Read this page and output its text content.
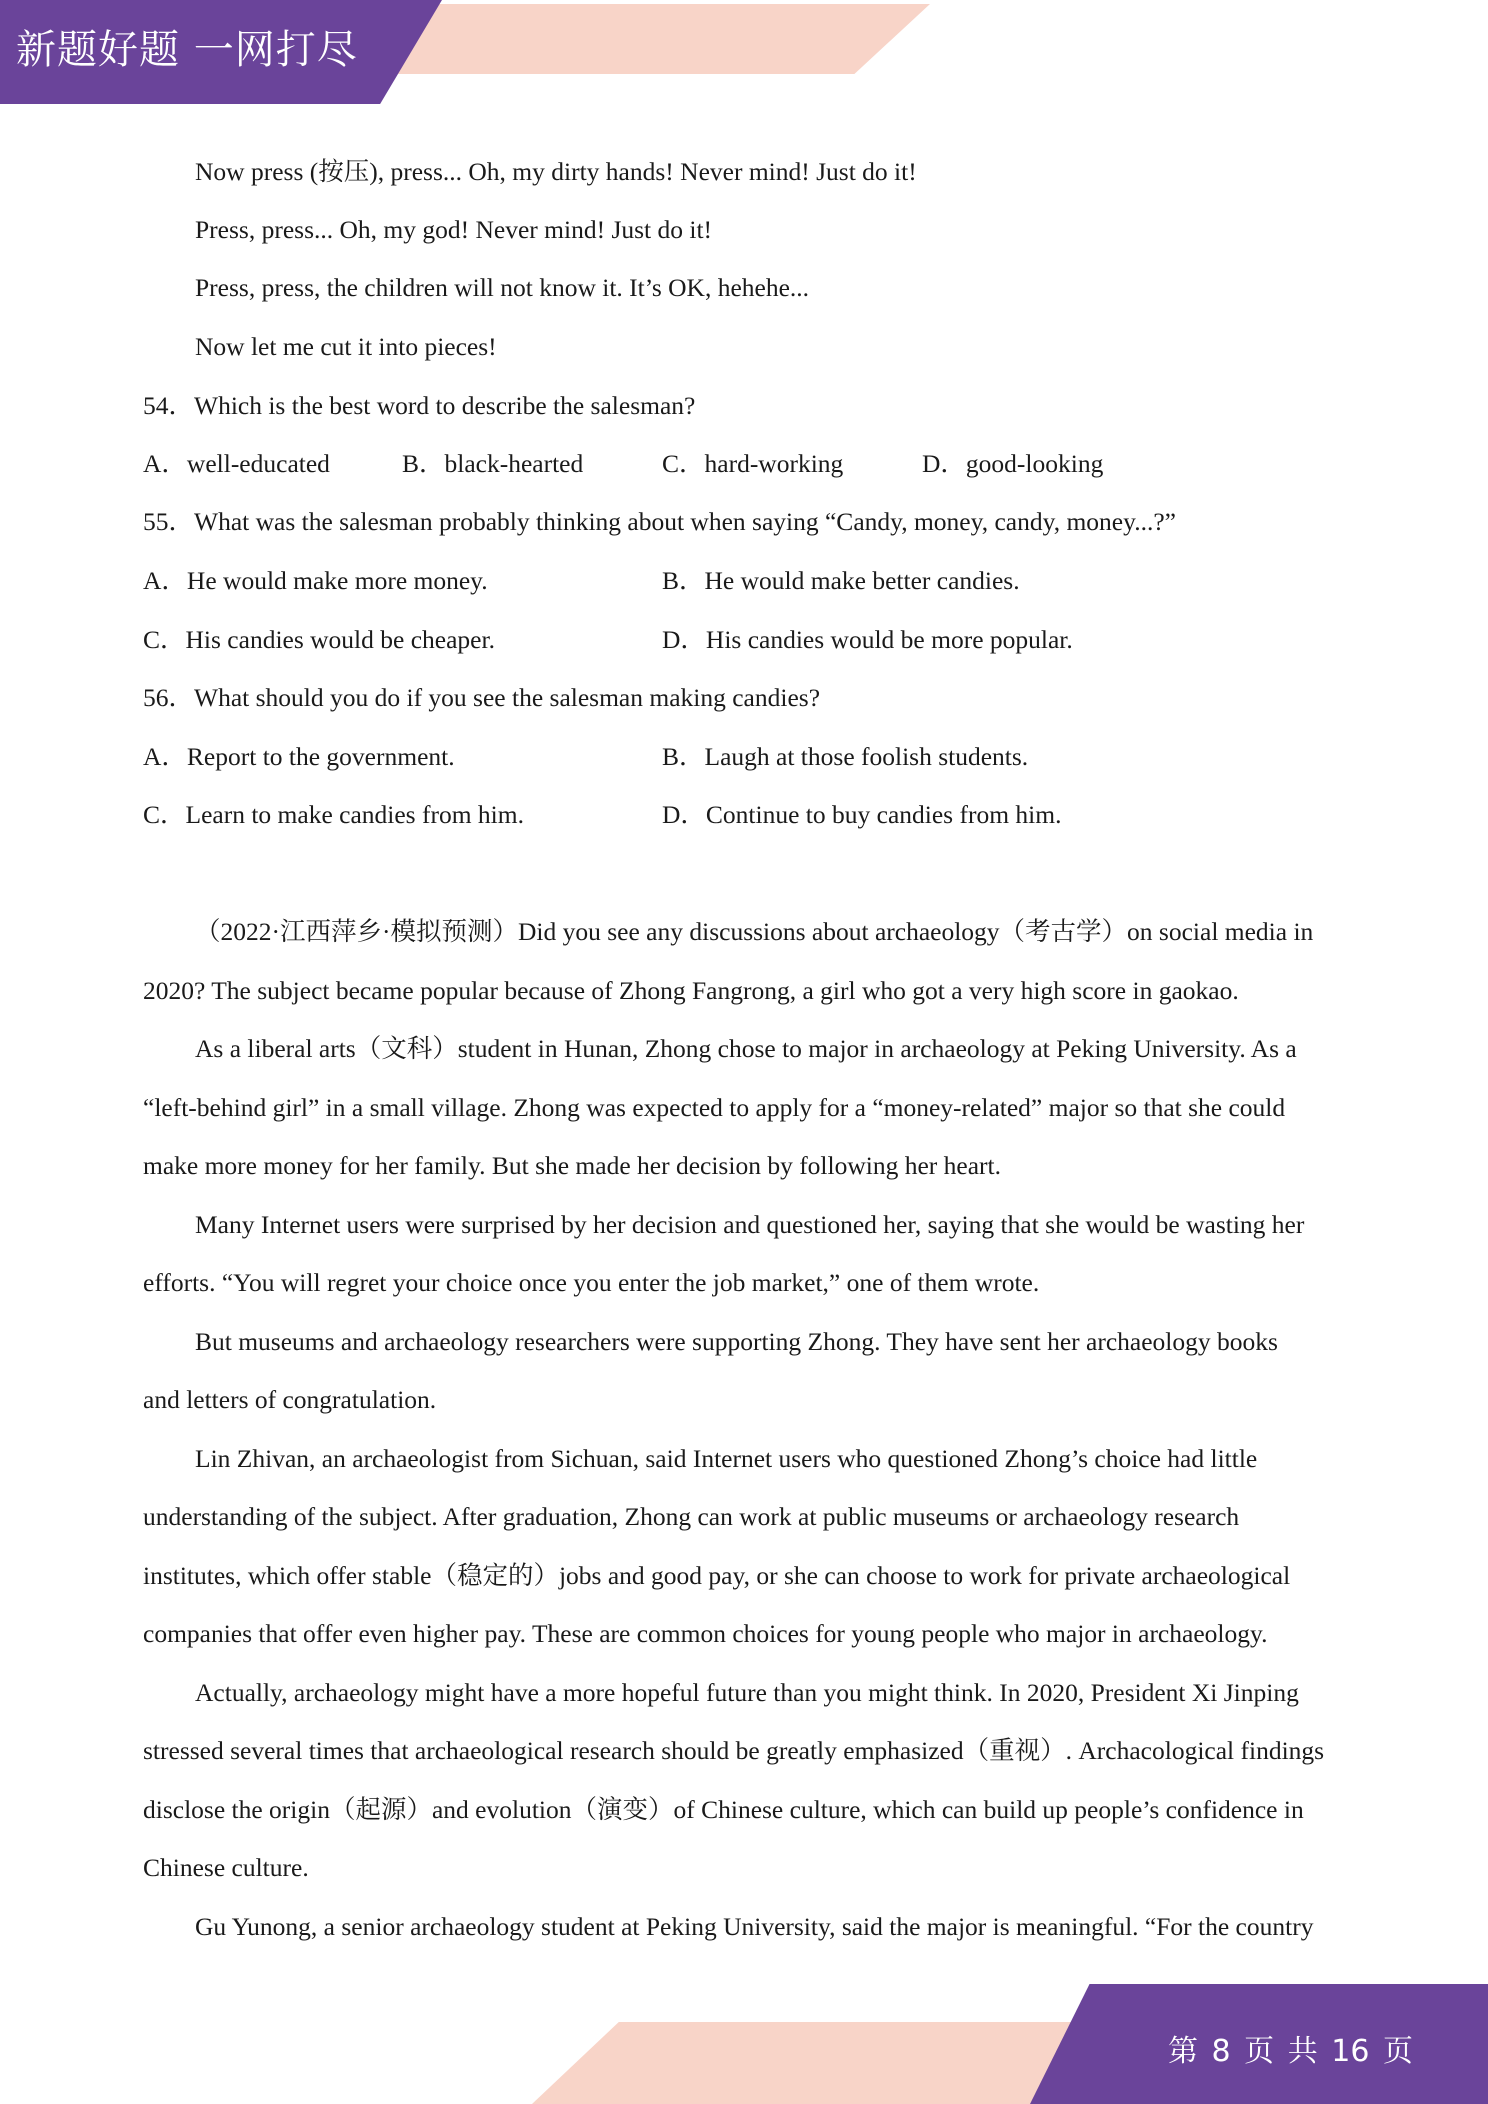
新题好题 一网打尽
Now press (按压), press... Oh, my dirty hands! Never mind! Just do it!
Press, press... Oh, my god! Never mind! Just do it!
Press, press, the children will not know it. It’s OK, hehehe...
Now let me cut it into pieces!
54．Which is the best word to describe the salesman?
A．well-educated	B．black-hearted	C．hard-working	D．good-looking
55．What was the salesman probably thinking about when saying “Candy, money, candy, money...?”
A．He would make more money.	B．He would make better candies.
C．His candies would be cheaper.	D．His candies would be more popular.
56．What should you do if you see the salesman making candies?
A．Report to the government.	B．Laugh at those foolish students.
C．Learn to make candies from him.	D．Continue to buy candies from him.
（2022·江西萍乡·模拟预测）Did you see any discussions about archaeology（考古学）on social media in
2020? The subject became popular because of Zhong Fangrong, a girl who got a very high score in gaokao.
As a liberal arts（文科）student in Hunan, Zhong chose to major in archaeology at Peking University. As a
“left-behind girl” in a small village. Zhong was expected to apply for a “money-related” major so that she could
make more money for her family. But she made her decision by following her heart.
Many Internet users were surprised by her decision and questioned her, saying that she would be wasting her
efforts. “You will regret your choice once you enter the job market,” one of them wrote.
But museums and archaeology researchers were supporting Zhong. They have sent her archaeology books
and letters of congratulation.
Lin Zhivan, an archaeologist from Sichuan, said Internet users who questioned Zhong’s choice had little
understanding of the subject. After graduation, Zhong can work at public museums or archaeology research
institutes, which offer stable（稳定的）jobs and good pay, or she can choose to work for private archaeological
companies that offer even higher pay. These are common choices for young people who major in archaeology.
Actually, archaeology might have a more hopeful future than you might think. In 2020, President Xi Jinping
stressed several times that archaeological research should be greatly emphasized（重视）. Archacological findings
disclose the origin（起源）and evolution（演变）of Chinese culture, which can build up people’s confidence in
Chinese culture.
Gu Yunong, a senior archaeology student at Peking University, said the major is meaningful. “For the country
第 8 页 共 16 页
